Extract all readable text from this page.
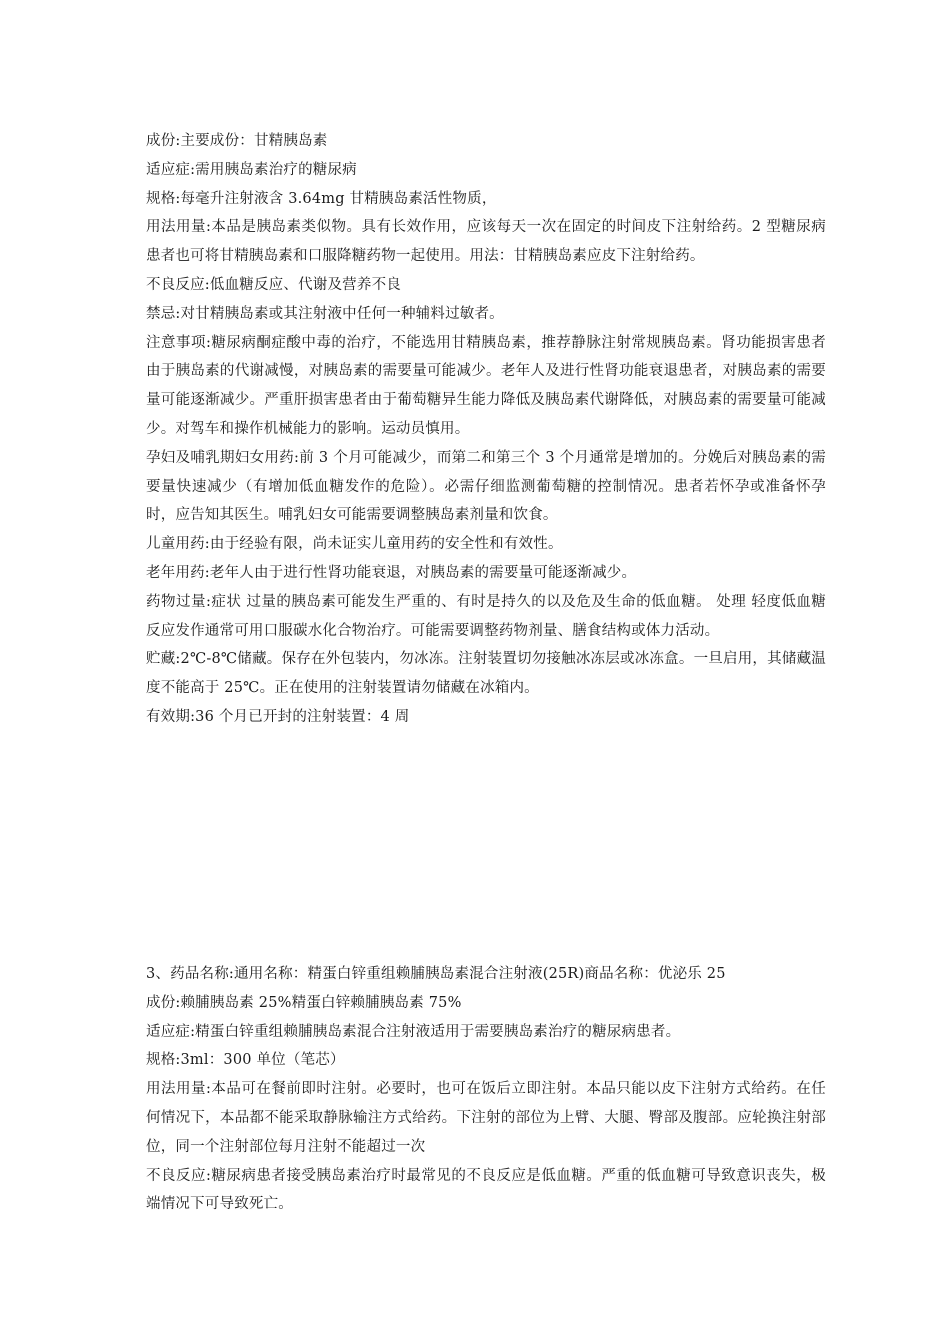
成份:主要成份：甘精胰岛素

适应症:需用胰岛素治疗的糖尿病

规格:每毫升注射液含 3.64mg 甘精胰岛素活性物质，

用法用量:本品是胰岛素类似物。具有长效作用，应该每天一次在固定的时间皮下注射给药。2 型糖尿病患者也可将甘精胰岛素和口服降糖药物一起使用。用法：甘精胰岛素应皮下注射给药。

不良反应:低血糖反应、代谢及营养不良

禁忌:对甘精胰岛素或其注射液中任何一种辅料过敏者。

注意事项:糖尿病酮症酸中毒的治疗，不能选用甘精胰岛素，推荐静脉注射常规胰岛素。肾功能损害患者由于胰岛素的代谢减慢，对胰岛素的需要量可能减少。老年人及进行性肾功能衰退患者，对胰岛素的需要量可能逐渐减少。严重肝损害患者由于葡萄糖异生能力降低及胰岛素代谢降低，对胰岛素的需要量可能减少。对驾车和操作机械能力的影响。运动员慎用。

孕妇及哺乳期妇女用药:前 3 个月可能减少，而第二和第三个 3 个月通常是增加的。分娩后对胰岛素的需要量快速减少（有增加低血糖发作的危险）。必需仔细监测葡萄糖的控制情况。患者若怀孕或准备怀孕时，应告知其医生。哺乳妇女可能需要调整胰岛素剂量和饮食。

儿童用药:由于经验有限，尚未证实儿童用药的安全性和有效性。

老年用药:老年人由于进行性肾功能衰退，对胰岛素的需要量可能逐渐减少。

药物过量:症状 过量的胰岛素可能发生严重的、有时是持久的以及危及生命的低血糖。 处理 轻度低血糖反应发作通常可用口服碳水化合物治疗。可能需要调整药物剂量、膳食结构或体力活动。

贮藏:2℃-8℃储藏。保存在外包装内，勿冰冻。注射装置切勿接触冰冻层或冰冻盒。一旦启用，其储藏温度不能高于 25℃。正在使用的注射装置请勿储藏在冰箱内。

有效期:36 个月已开封的注射装置：4 周

3、药品名称:通用名称：精蛋白锌重组赖脯胰岛素混合注射液(25R)商品名称：优泌乐 25

成份:赖脯胰岛素 25%精蛋白锌赖脯胰岛素 75%

适应症:精蛋白锌重组赖脯胰岛素混合注射液适用于需要胰岛素治疗的糖尿病患者。

规格:3ml：300 单位（笔芯）

用法用量:本品可在餐前即时注射。必要时，也可在饭后立即注射。本品只能以皮下注射方式给药。在任何情况下，本品都不能采取静脉输注方式给药。下注射的部位为上臂、大腿、臀部及腹部。应轮换注射部位，同一个注射部位每月注射不能超过一次

不良反应:糖尿病患者接受胰岛素治疗时最常见的不良反应是低血糖。严重的低血糖可导致意识丧失，极端情况下可导致死亡。
